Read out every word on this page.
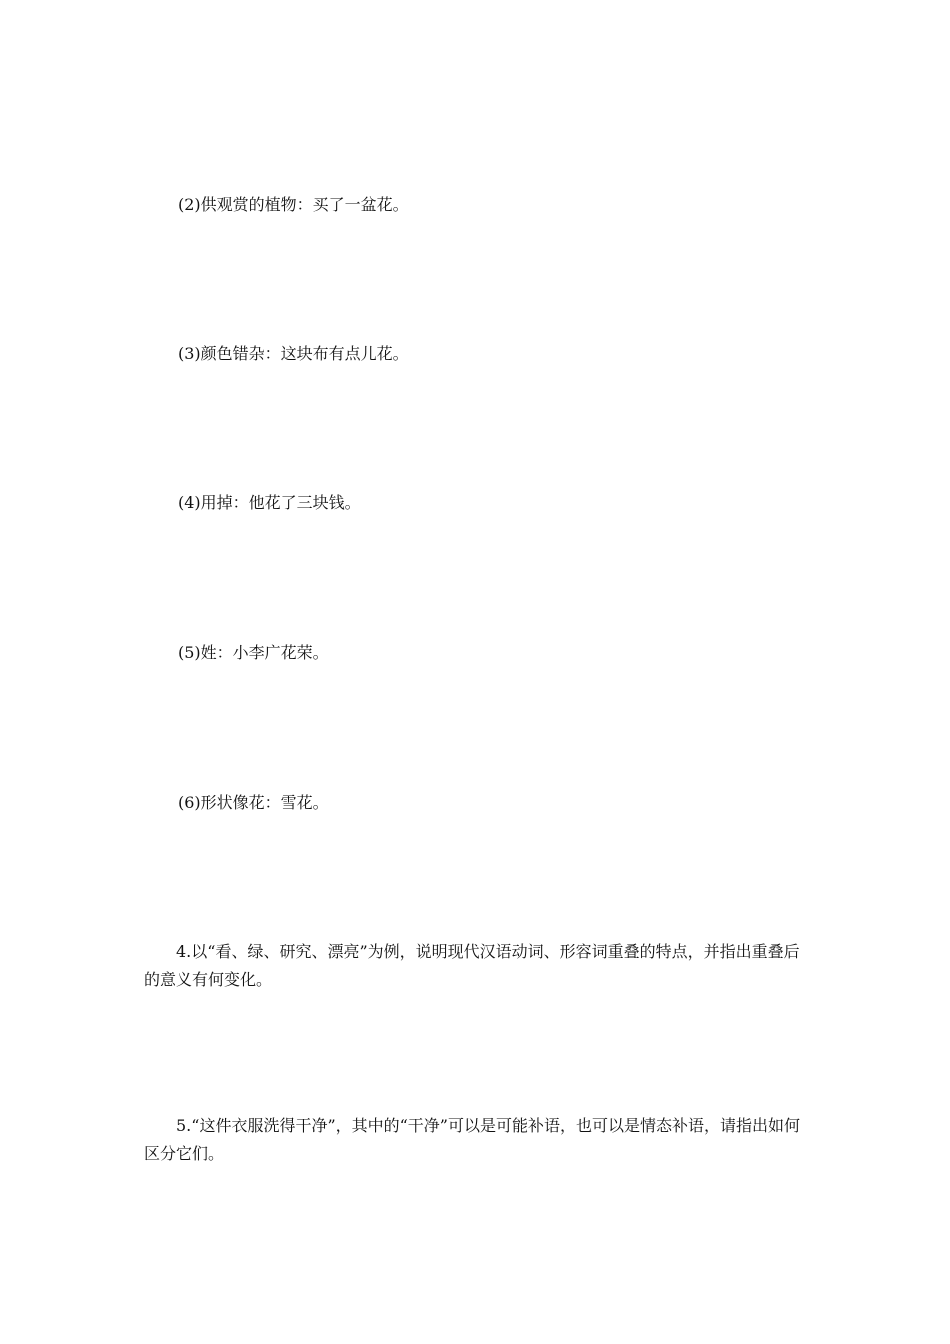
(2)供观赏的植物：买了一盆花。
(3)颜色错杂：这块布有点儿花。
(4)用掉：他花了三块钱。
(5)姓：小李广花荣。
(6)形状像花：雪花。
4.以“看、绿、研究、漂亮”为例，说明现代汉语动词、形容词重叠的特点，并指出重叠后的意义有何变化。
5.“这件衣服洗得干净”，其中的“干净”可以是可能补语，也可以是情态补语，请指出如何区分它们。
